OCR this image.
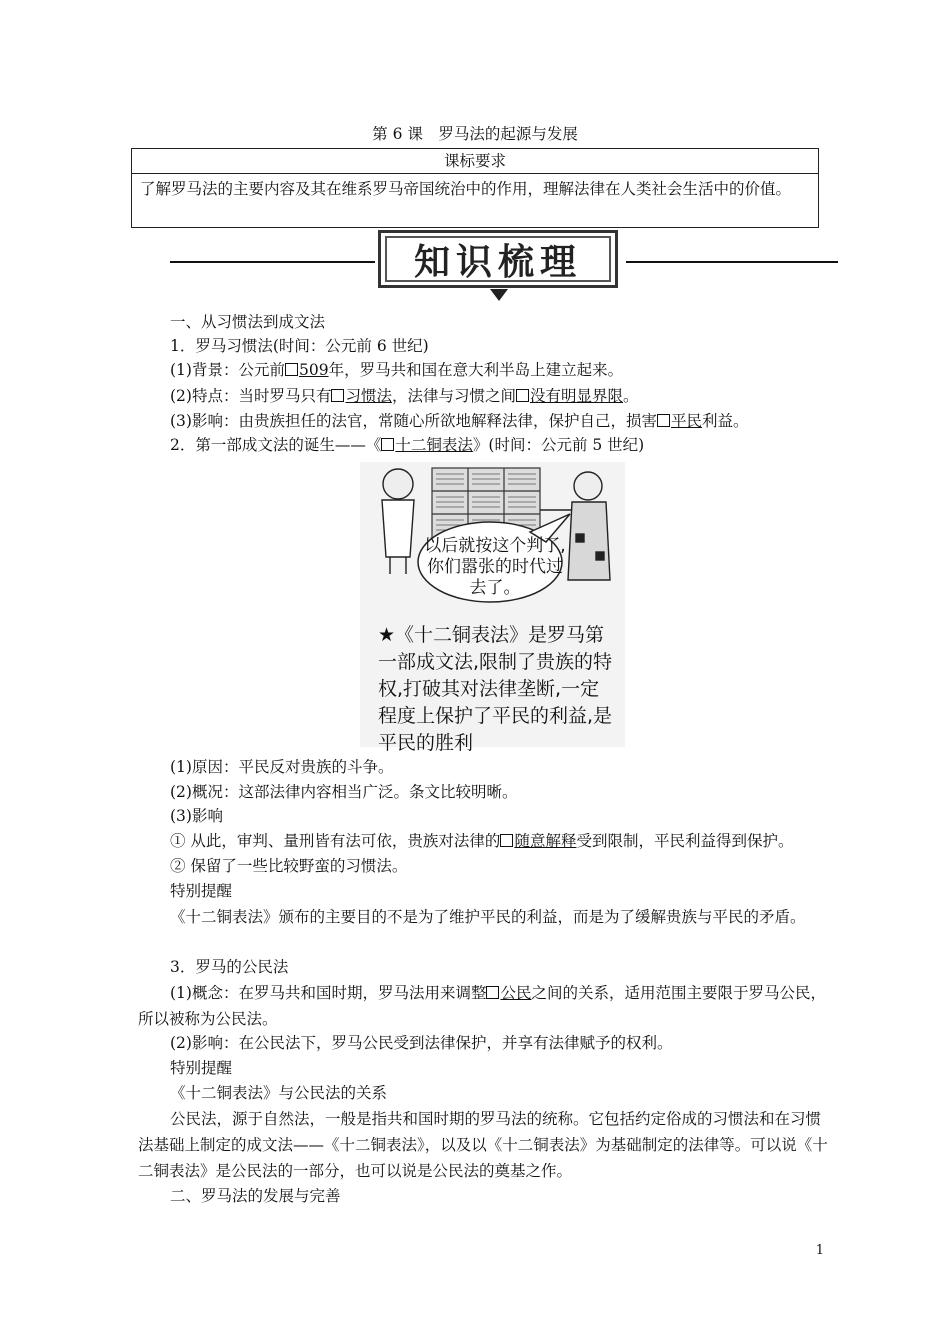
第 6 课　罗马法的起源与发展
课标要求
了解罗马法的主要内容及其在维系罗马帝国统治中的作用，理解法律在人类社会生活中的价值。
知识梳理
一、从习惯法到成文法
1．罗马习惯法(时间：公元前 6 世纪)
(1)背景：公元前 509年，罗马共和国在意大利半岛上建立起来。
(2)特点：当时罗马只有 习惯法，法律与习惯之间 没有明显界限。
(3)影响：由贵族担任的法官，常随心所欲地解释法律，保护自己，损害 平民利益。
2．第一部成文法的诞生——《 十二铜表法》(时间：公元前 5 世纪)
以后就按这个判了,你们嚣张的时代过去了。
★《十二铜表法》是罗马第一部成文法,限制了贵族的特权,打破其对法律垄断,一定程度上保护了平民的利益,是平民的胜利
(1)原因：平民反对贵族的斗争。
(2)概况：这部法律内容相当广泛。条文比较明晰。
(3)影响
① 从此，审判、量刑皆有法可依，贵族对法律的 随意解释受到限制，平民利益得到保护。
② 保留了一些比较野蛮的习惯法。
特别提醒
《十二铜表法》颁布的主要目的不是为了维护平民的利益，而是为了缓解贵族与平民的矛盾。
3．罗马的公民法
(1)概念：在罗马共和国时期，罗马法用来调整 公民之间的关系，适用范围主要限于罗马公民，所以被称为公民法。
(2)影响：在公民法下，罗马公民受到法律保护，并享有法律赋予的权利。
特别提醒
《十二铜表法》与公民法的关系
公民法，源于自然法，一般是指共和国时期的罗马法的统称。它包括约定俗成的习惯法和在习惯法基础上制定的成文法——《十二铜表法》，以及以《十二铜表法》为基础制定的法律等。可以说《十二铜表法》是公民法的一部分，也可以说是公民法的奠基之作。
二、罗马法的发展与完善
1
